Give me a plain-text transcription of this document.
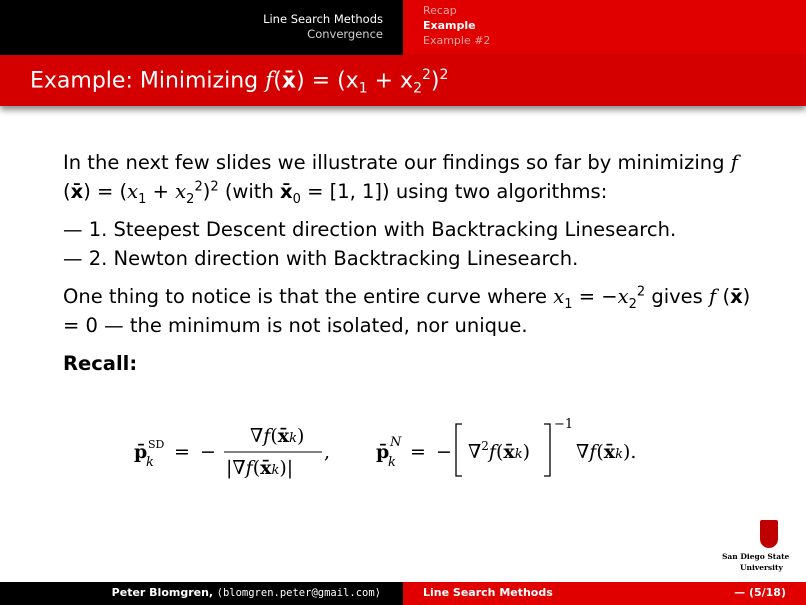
Line Search Methods
Convergence
Recap
Example
Example #2
Example: Minimizing f(x̄) = $(x_1 + x_2^2)^2$

In the next few slides we illustrate our findings so far by minimizing f (x̄) = $(x_1 + x_2^2)^2$ (with $x̄_0 = [1$, 1]) using two algorithms:

— 1. Steepest Descent direction with Backtracking Linesearch.

— 2. Newton direction with Backtracking Linesearch.

One thing to notice is that the entire curve where $x_1 = -x_2^2$ gives f (x̄) = 0 — the minimum is not isolated, nor unique.

Recall:

p̄
k
SD = −
∇f(x̄k)
|∇f(x̄k)|
, p̄
k
N = − ∇$^2$f(x̄k)
−1
∇f(x̄k).
San Diego State
University
Peter Blomgren, ⟨blomgren.peter@gmail.com⟩	Line Search Methods	— (5/18)
